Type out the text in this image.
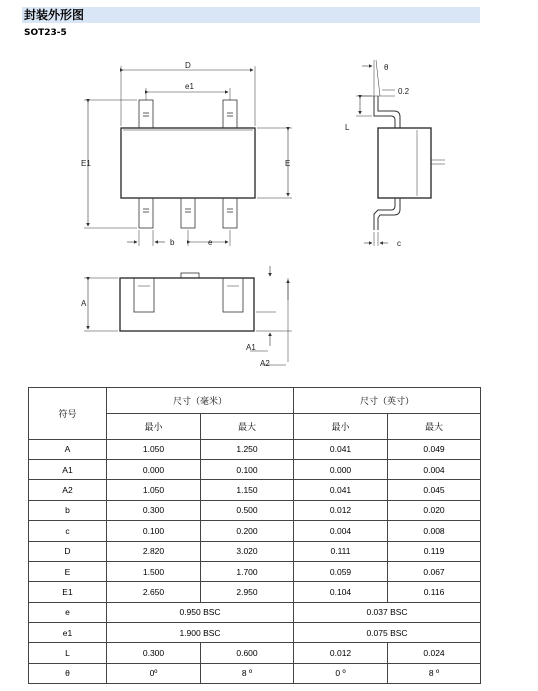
封装外形图
SOT23-5
D
e1
E1	E
b	e
θ
0.2
L
c
A
A1
A2
符号	尺寸（毫米）		尺寸（英寸）	
	最小	最大	最小	最大
A	1.050	1.250	0.041	0.049
A1	0.000	0.100	0.000	0.004
A2	1.050	1.150	0.041	0.045
b	0.300	0.500	0.012	0.020
c	0.100	0.200	0.004	0.008
D	2.820	3.020	0.111	0.119
E	1.500	1.700	0.059	0.067
E1	2.650	2.950	0.104	0.116
e	0.950 BSC		0.037 BSC	
e1	1.900 BSC		0.075 BSC	
L	0.300	0.600	0.012	0.024
θ	0º	8 º	0 º	8 º
